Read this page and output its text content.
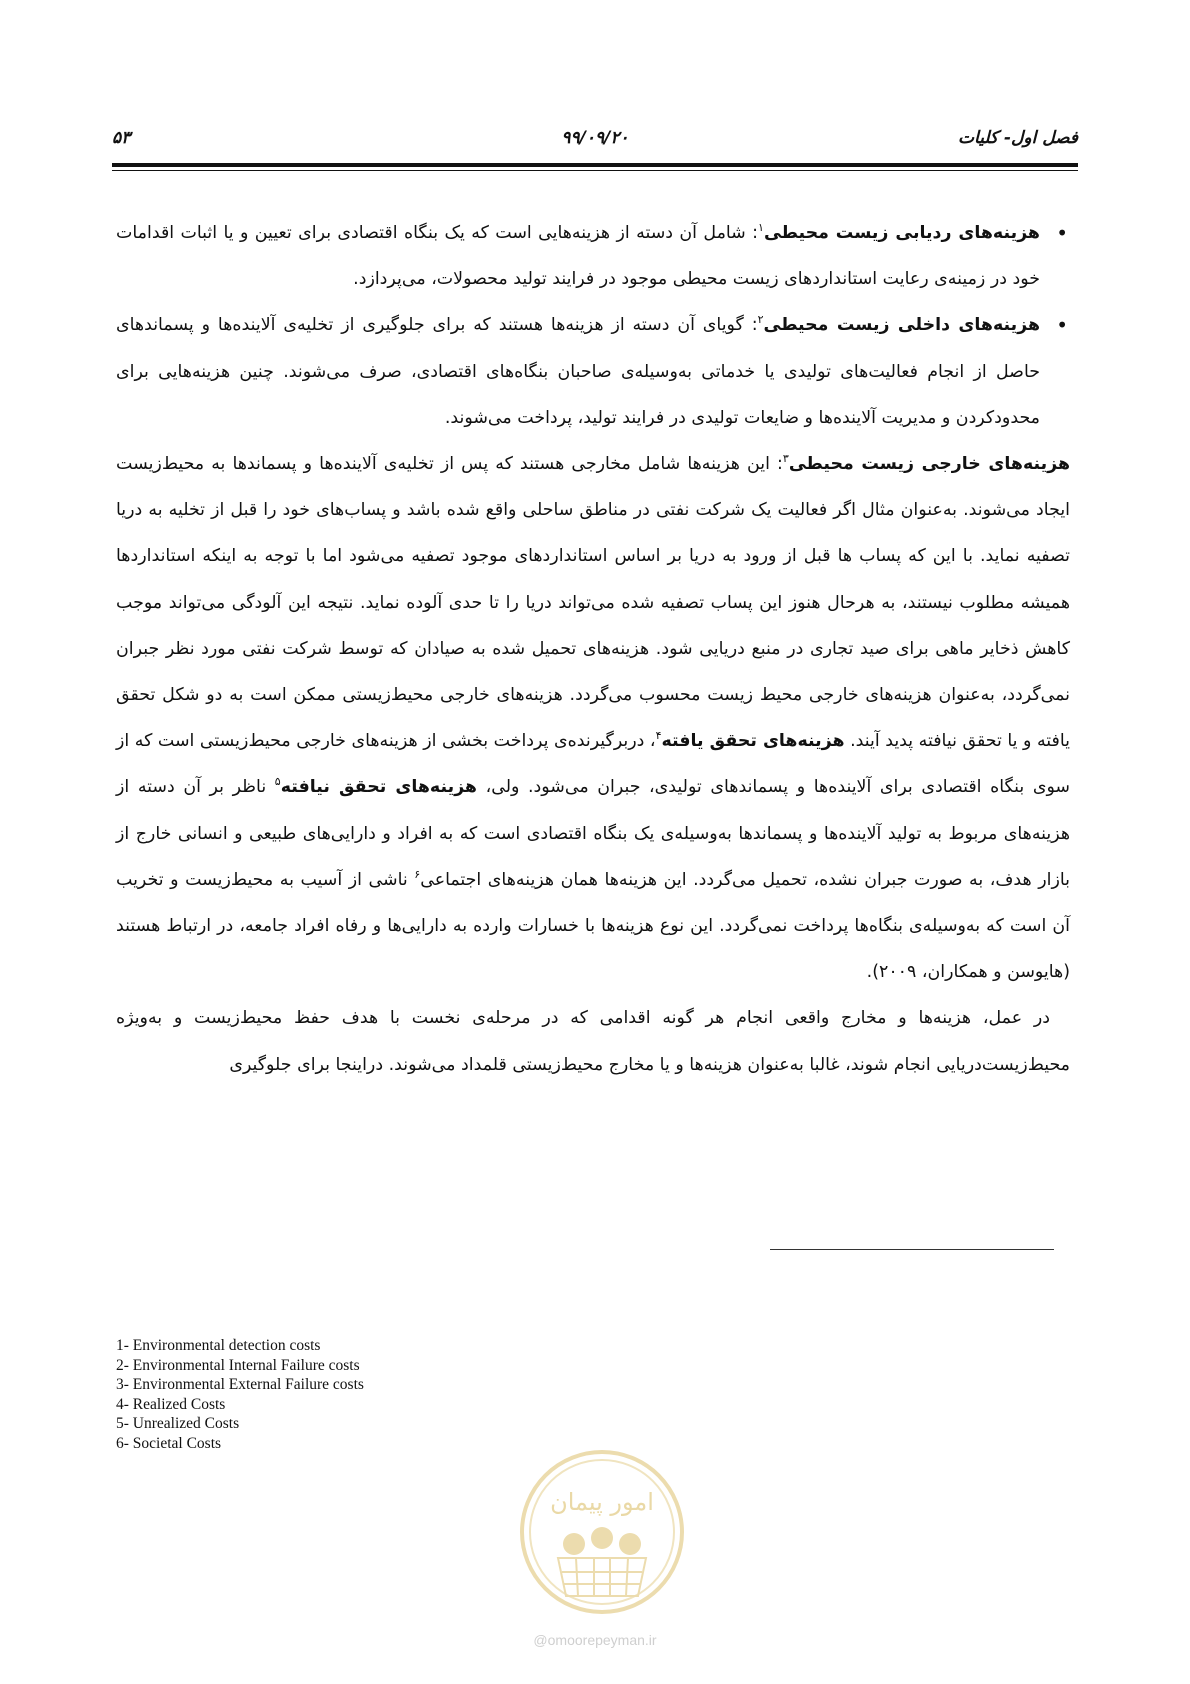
فصل اول- کلیات
۹۹/۰۹/۲۰
۵۳
• هزینه‌های ردیابی زیست محیطی$^۱$: شامل آن دسته از هزینه‌هایی است که یک بنگاه اقتصادی برای تعیین و یا اثبات اقدامات خود در زمینه‌ی رعایت استانداردهای زیست محیطی موجود در فرایند تولید محصولات، می‌پردازد.
• هزینه‌های داخلی زیست محیطی$^۲$: گویای آن دسته از هزینه‌ها هستند که برای جلوگیری از تخلیه‌ی آلاینده‌ها و پسماندهای حاصل از انجام فعالیت‌های تولیدی یا خدماتی به‌وسیله‌ی صاحبان بنگاه‌های اقتصادی، صرف می‌شوند. چنین هزینه‌هایی برای محدودکردن و مدیریت آلاینده‌ها و ضایعات تولیدی در فرایند تولید، پرداخت می‌شوند.

هزینه‌های خارجی زیست محیطی$^۳$: این هزینه‌ها شامل مخارجی هستند که پس از تخلیه‌ی آلاینده‌ها و پسماندها به محیط‌زیست ایجاد می‌شوند. به‌عنوان مثال اگر فعالیت یک شرکت نفتی در مناطق ساحلی واقع شده باشد و پساب‌های خود را قبل از تخلیه به دریا تصفیه نماید. با این که پساب ها قبل از ورود به دریا بر اساس استانداردهای موجود تصفیه می‌شود اما با توجه به اینکه استانداردها همیشه مطلوب نیستند، به هرحال هنوز این پساب تصفیه شده می‌تواند دریا را تا حدی آلوده نماید. نتیجه این آلودگی می‌تواند موجب کاهش ذخایر ماهی برای صید تجاری در منبع دریایی شود. هزینه‌های تحمیل شده به صیادان که توسط شرکت نفتی مورد نظر جبران نمی‌گردد، به‌عنوان هزینه‌های خارجی محیط زیست محسوب می‌گردد. هزینه‌های خارجی محیط‌زیستی ممکن است به دو شکل تحقق یافته و یا تحقق نیافته پدید آیند. هزینه‌های تحقق یافته$^۴$، دربرگیرنده‌ی پرداخت بخشی از هزینه‌های خارجی محیط‌زیستی است که از سوی بنگاه اقتصادی برای آلاینده‌ها و پسماندهای تولیدی، جبران می‌شود. ولی، هزینه‌های تحقق نیافته$^۵$ ناظر بر آن دسته از هزینه‌های مربوط به تولید آلاینده‌ها و پسماندها به‌وسیله‌ی یک بنگاه اقتصادی است که به افراد و دارایی‌های طبیعی و انسانی خارج از بازار هدف، به صورت جبران نشده، تحمیل می‌گردد. این هزینه‌ها همان هزینه‌های اجتماعی$^۶$ ناشی از آسیب به محیط‌زیست و تخریب آن است که به‌وسیله‌ی بنگاه‌ها پرداخت نمی‌گردد. این نوع هزینه‌ها با خسارات وارده به دارایی‌ها و رفاه افراد جامعه، در ارتباط هستند (هایوسن و همکاران، ۲۰۰۹).

در عمل، هزینه‌ها و مخارج واقعی انجام هر گونه اقدامی که در مرحله‌ی نخست با هدف حفظ محیط‌زیست و به‌ویژه محیط‌زیست‌دریایی انجام شوند، غالبا به‌عنوان هزینه‌ها و یا مخارج محیط‌زیستی قلمداد می‌شوند. دراینجا برای جلوگیری

1- Environmental detection costs
2- Environmental Internal Failure costs
3- Environmental External Failure costs
4- Realized Costs
5- Unrealized Costs
6- Societal Costs
امور پیمان
@omoorepeyman.ir
